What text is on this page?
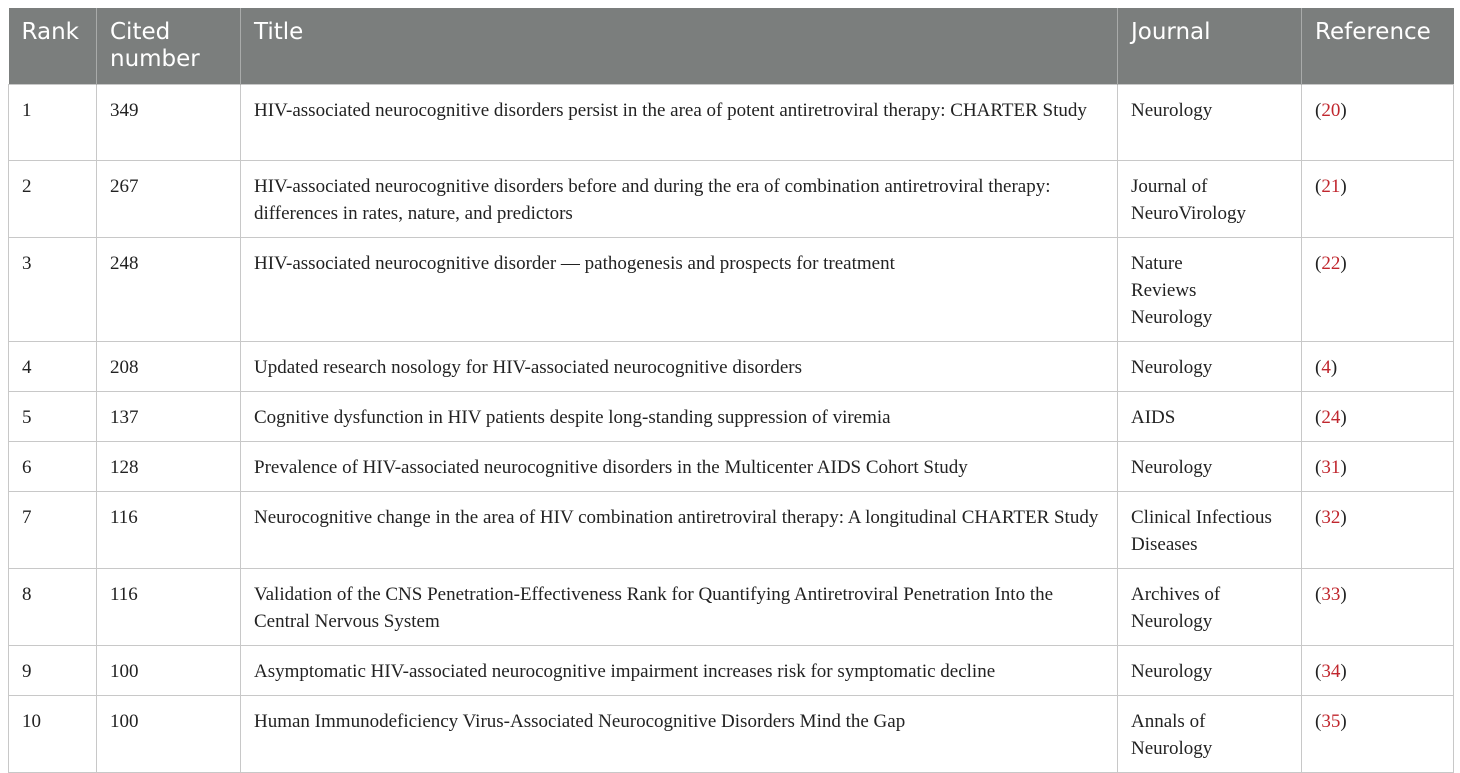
Rank	Cited number	Title	Journal	Reference
1	349	HIV-associated neurocognitive disorders persist in the area of potent antiretroviral therapy: CHARTER Study	Neurology	(20)
2	267	HIV-associated neurocognitive disorders before and during the era of combination antiretroviral therapy: differences in rates, nature, and predictors	Journal of NeuroVirology	(21)
3	248	HIV-associated neurocognitive disorder — pathogenesis and prospects for treatment	Nature Reviews Neurology	(22)
4	208	Updated research nosology for HIV-associated neurocognitive disorders	Neurology	(4)
5	137	Cognitive dysfunction in HIV patients despite long-standing suppression of viremia	AIDS	(24)
6	128	Prevalence of HIV-associated neurocognitive disorders in the Multicenter AIDS Cohort Study	Neurology	(31)
7	116	Neurocognitive change in the area of HIV combination antiretroviral therapy: A longitudinal CHARTER Study	Clinical Infectious Diseases	(32)
8	116	Validation of the CNS Penetration-Effectiveness Rank for Quantifying Antiretroviral Penetration Into the Central Nervous System	Archives of Neurology	(33)
9	100	Asymptomatic HIV-associated neurocognitive impairment increases risk for symptomatic decline	Neurology	(34)
10	100	Human Immunodeficiency Virus-Associated Neurocognitive Disorders Mind the Gap	Annals of Neurology	(35)
